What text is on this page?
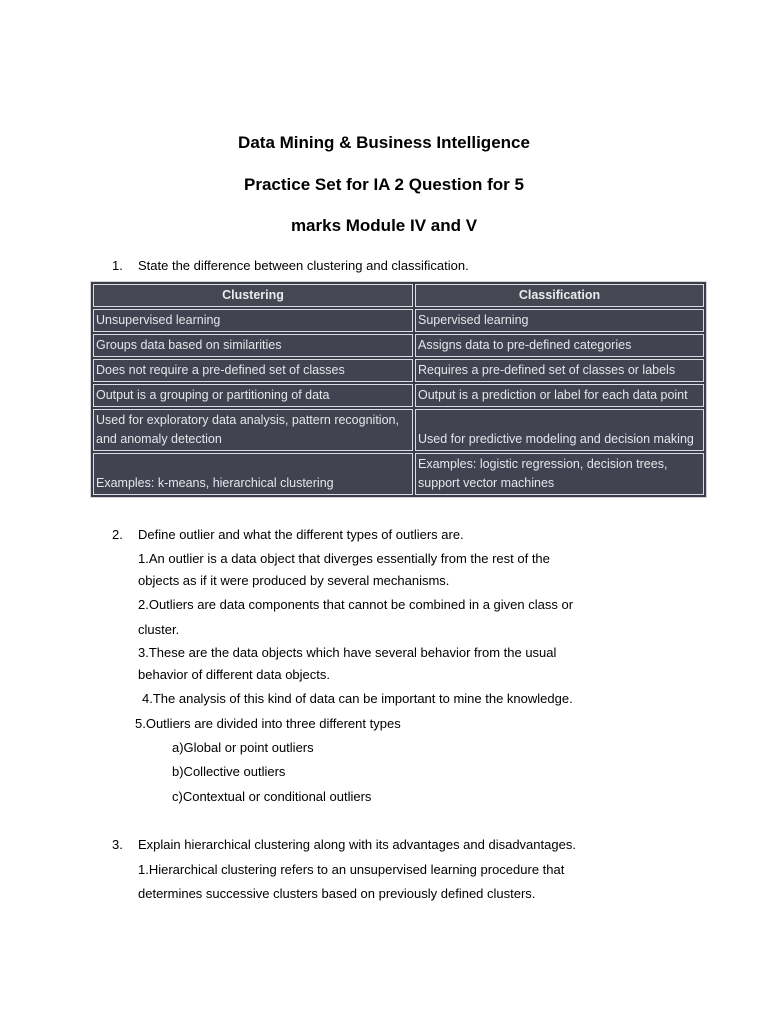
Data Mining & Business Intelligence
Practice Set for IA 2 Question for 5
marks Module IV and V
1. State the difference between clustering and classification.
Clustering	Classification
Unsupervised learning	Supervised learning
Groups data based on similarities	Assigns data to pre-defined categories
Does not require a pre-defined set of classes	Requires a pre-defined set of classes or labels
Output is a grouping or partitioning of data	Output is a prediction or label for each data point
Used for exploratory data analysis, pattern recognition, and anomaly detection	Used for predictive modeling and decision making
Examples: k-means, hierarchical clustering	Examples: logistic regression, decision trees, support vector machines
2. Define outlier and what the different types of outliers are.
1.An outlier is a data object that diverges essentially from the rest of the
objects as if it were produced by several mechanisms.
2.Outliers are data components that cannot be combined in a given class or
cluster.
3.These are the data objects which have several behavior from the usual
behavior of different data objects.
4.The analysis of this kind of data can be important to mine the knowledge.
5.Outliers are divided into three different types
a)Global or point outliers
b)Collective outliers
c)Contextual or conditional outliers
3. Explain hierarchical clustering along with its advantages and disadvantages.
1.Hierarchical clustering refers to an unsupervised learning procedure that
determines successive clusters based on previously defined clusters.
